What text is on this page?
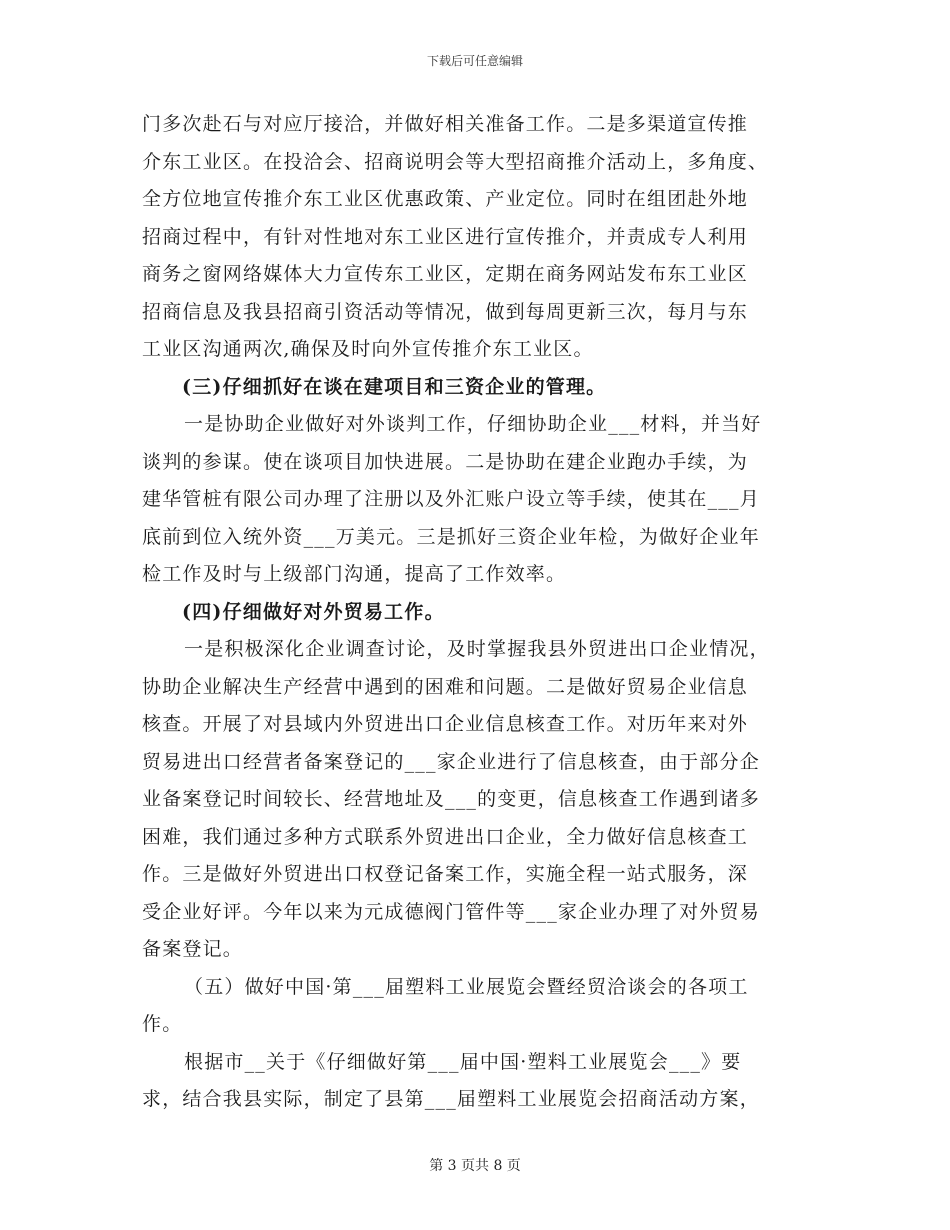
下载后可任意编辑
门多次赴石与对应厅接洽，并做好相关准备工作。二是多渠道宣传推
介东工业区。在投洽会、招商说明会等大型招商推介活动上，多角度、
全方位地宣传推介东工业区优惠政策、产业定位。同时在组团赴外地
招商过程中，有针对性地对东工业区进行宣传推介，并责成专人利用
商务之窗网络媒体大力宣传东工业区，定期在商务网站发布东工业区
招商信息及我县招商引资活动等情况，做到每周更新三次，每月与东
工业区沟通两次,确保及时向外宣传推介东工业区。
(三)仔细抓好在谈在建项目和三资企业的管理。
一是协助企业做好对外谈判工作，仔细协助企业___材料，并当好
谈判的参谋。使在谈项目加快进展。二是协助在建企业跑办手续，为
建华管桩有限公司办理了注册以及外汇账户设立等手续，使其在___月
底前到位入统外资___万美元。三是抓好三资企业年检，为做好企业年
检工作及时与上级部门沟通，提高了工作效率。
(四)仔细做好对外贸易工作。
一是积极深化企业调查讨论，及时掌握我县外贸进出口企业情况，
协助企业解决生产经营中遇到的困难和问题。二是做好贸易企业信息
核查。开展了对县域内外贸进出口企业信息核查工作。对历年来对外
贸易进出口经营者备案登记的___家企业进行了信息核查，由于部分企
业备案登记时间较长、经营地址及___的变更，信息核查工作遇到诸多
困难，我们通过多种方式联系外贸进出口企业，全力做好信息核查工
作。三是做好外贸进出口权登记备案工作，实施全程一站式服务，深
受企业好评。今年以来为元成德阀门管件等___家企业办理了对外贸易
备案登记。
（五）做好中国·第___届塑料工业展览会暨经贸洽谈会的各项工
作。
根据市__关于《仔细做好第___届中国·塑料工业展览会___》要
求，结合我县实际，制定了县第___届塑料工业展览会招商活动方案，
第 3 页共 8 页
